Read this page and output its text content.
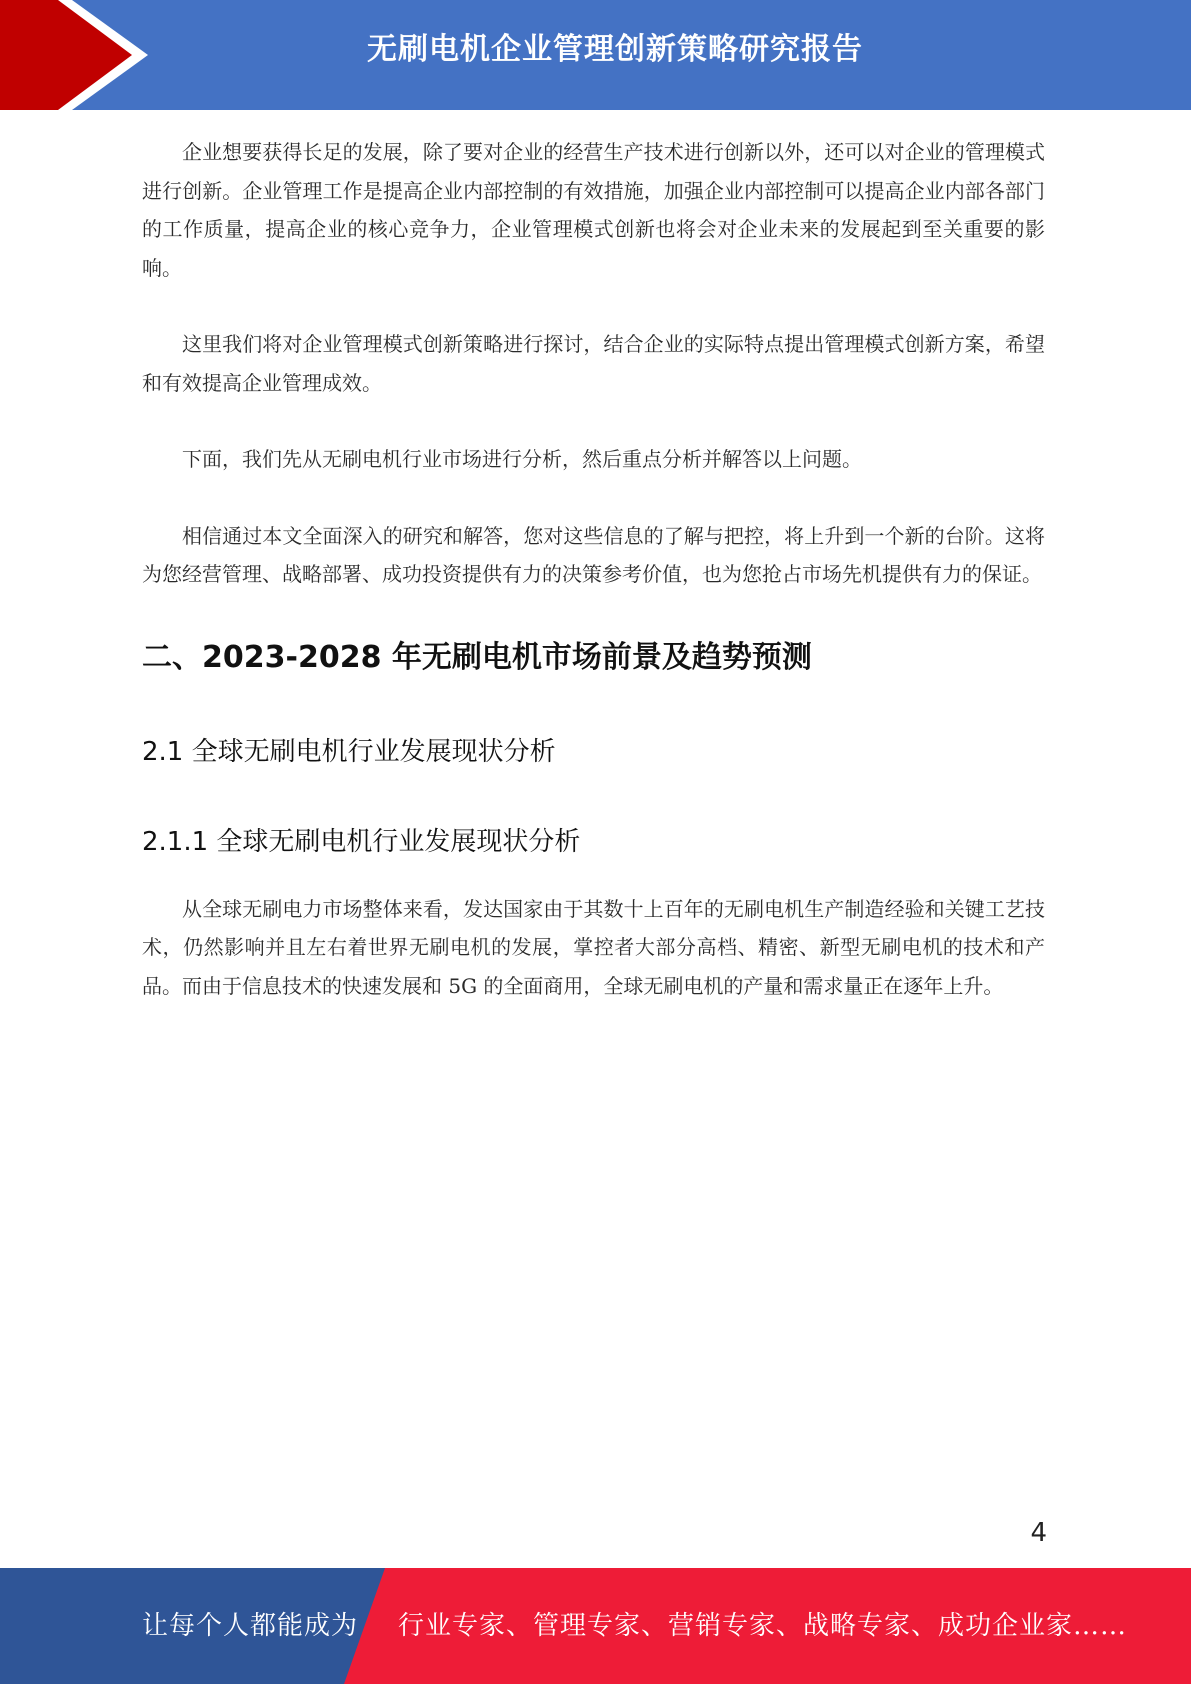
无刷电机企业管理创新策略研究报告

企业想要获得长足的发展，除了要对企业的经营生产技术进行创新以外，还可以对企业的管理模式进行创新。企业管理工作是提高企业内部控制的有效措施，加强企业内部控制可以提高企业内部各部门的工作质量，提高企业的核心竞争力，企业管理模式创新也将会对企业未来的发展起到至关重要的影响。

这里我们将对企业管理模式创新策略进行探讨，结合企业的实际特点提出管理模式创新方案，希望和有效提高企业管理成效。

下面，我们先从无刷电机行业市场进行分析，然后重点分析并解答以上问题。

相信通过本文全面深入的研究和解答，您对这些信息的了解与把控，将上升到一个新的台阶。这将为您经营管理、战略部署、成功投资提供有力的决策参考价值，也为您抢占市场先机提供有力的保证。

二、2023-2028 年无刷电机市场前景及趋势预测
2.1 全球无刷电机行业发展现状分析
2.1.1 全球无刷电机行业发展现状分析

从全球无刷电力市场整体来看，发达国家由于其数十上百年的无刷电机生产制造经验和关键工艺技术，仍然影响并且左右着世界无刷电机的发展，掌控者大部分高档、精密、新型无刷电机的技术和产品。而由于信息技术的快速发展和 5G 的全面商用，全球无刷电机的产量和需求量正在逐年上升。

4
让每个人都能成为 行业专家、管理专家、营销专家、战略专家、成功企业家……
